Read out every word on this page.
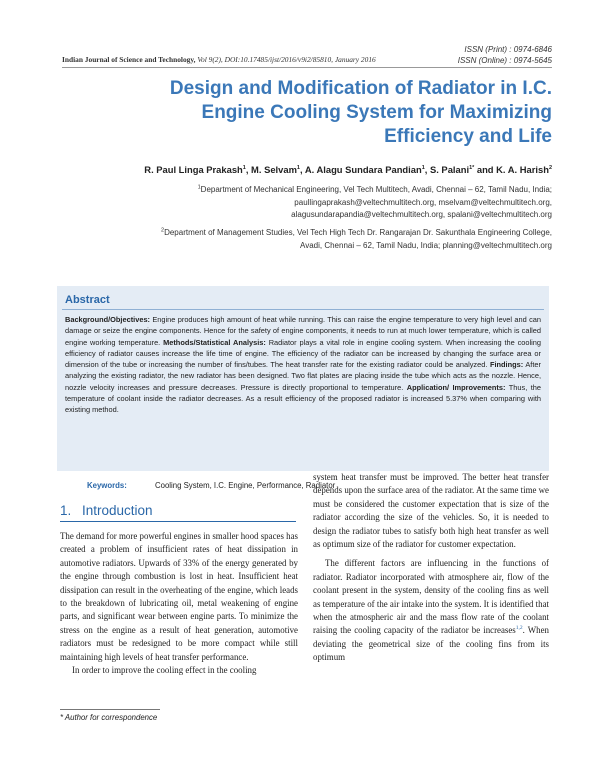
ISSN (Print) : 0974-6846
ISSN (Online) : 0974-5645
Indian Journal of Science and Technology, Vol 9(2), DOI:10.17485/ijst/2016/v9i2/85810, January 2016
Design and Modification of Radiator in I.C.
Engine Cooling System for Maximizing
Efficiency and Life
R. Paul Linga Prakash$^1$, M. Selvam$^1$, A. Alagu Sundara Pandian$^1$, S. Palani$^{1*}$ and K. A. Harish$^2$
$^1$Department of Mechanical Engineering, Vel Tech Multitech, Avadi, Chennai – 62, Tamil Nadu, India;
paullingaprakash@veltechmultitech.org, mselvam@veltechmultitech.org,
alagusundarapandia@veltechmultitech.org, spalani@veltechmultitech.org
$^2$Department of Management Studies, Vel Tech High Tech Dr. Rangarajan Dr. Sakunthala Engineering College,
Avadi, Chennai – 62, Tamil Nadu, India; planning@veltechmultitech.org
Abstract
Background/Objectives: Engine produces high amount of heat while running. This can raise the engine temperature to very high level and can damage or seize the engine components. Hence for the safety of engine components, it needs to run at much lower temperature, which is called engine working temperature. Methods/Statistical Analysis: Radiator plays a vital role in engine cooling system. When increasing the cooling efficiency of radiator causes increase the life time of engine. The efficiency of the radiator can be increased by changing the surface area or dimension of the tube or increasing the number of fins/tubes. The heat transfer rate for the existing radiator could be analyzed. Findings: After analyzing the existing radiator, the new radiator has been designed. Two flat plates are placing inside the tube which acts as the nozzle. Hence, nozzle velocity increases and pressure decreases. Pressure is directly proportional to temperature. Application/ Improvements: Thus, the temperature of coolant inside the radiator decreases. As a result efficiency of the proposed radiator is increased 5.37% when comparing with existing method.
Keywords:	Cooling System, I.C. Engine, Performance, Radiator
1. Introduction

The demand for more powerful engines in smaller hood spaces has created a problem of insufficient rates of heat dissipation in automotive radiators. Upwards of 33% of the energy generated by the engine through combustion is lost in heat. Insufficient heat dissipation can result in the overheating of the engine, which leads to the breakdown of lubricating oil, metal weakening of engine parts, and significant wear between engine parts. To minimize the stress on the engine as a result of heat generation, automotive radiators must be redesigned to be more compact while still maintaining high levels of heat transfer performance.

In order to improve the cooling effect in the cooling

system heat transfer must be improved. The better heat transfer depends upon the surface area of the radiator. At the same time we must be considered the customer expectation that is size of the radiator according the size of the vehicles. So, it is needed to design the radiator tubes to satisfy both high heat transfer as well as optimum size of the radiator for customer expectation.

The different factors are influencing in the functions of radiator. Radiator incorporated with atmosphere air, flow of the coolant present in the system, density of the cooling fins as well as temperature of the air intake into the system. It is identified that when the atmospheric air and the mass flow rate of the coolant raising the cooling capacity of the radiator be increases$^{1,2}$. When deviating the geometrical size of the cooling fins from its optimum

* Author for correspondence
